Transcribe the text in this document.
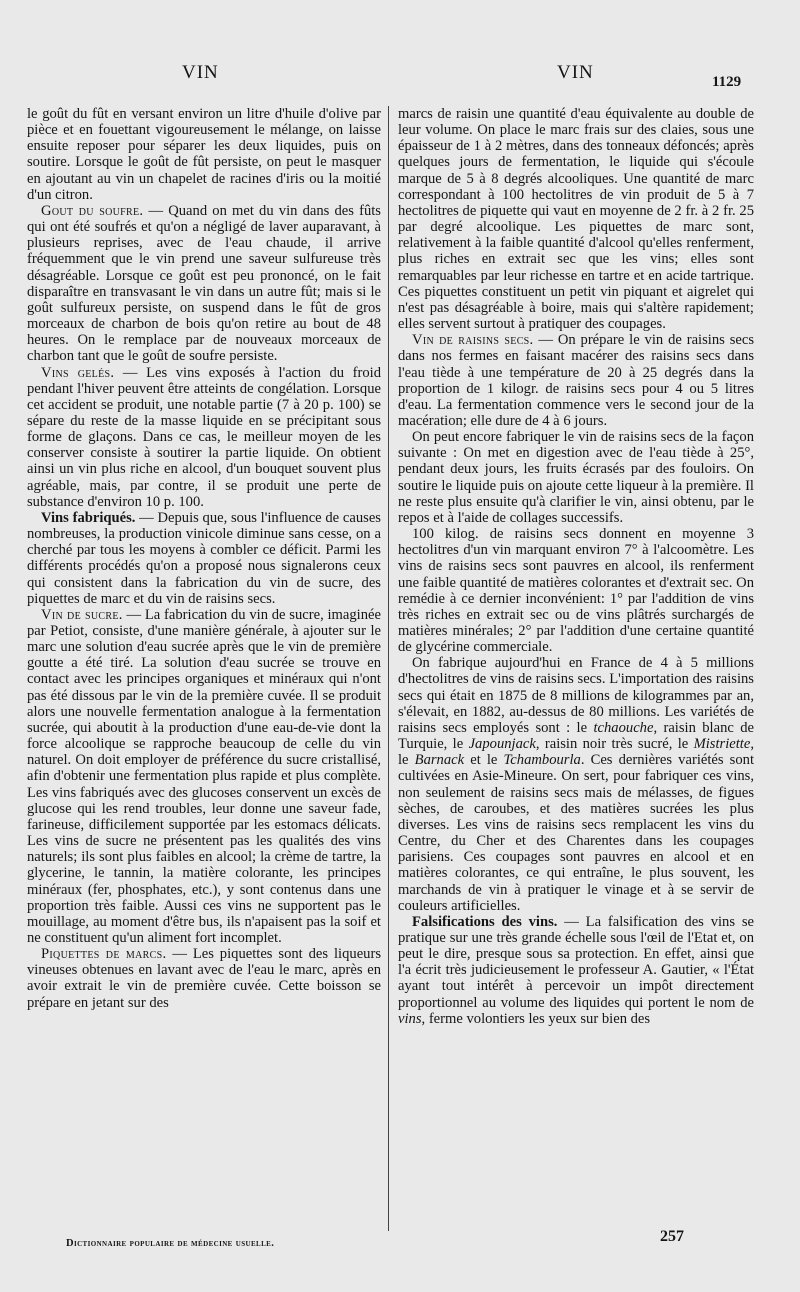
VIN	VIN	1129

le goût du fût en versant environ un litre d'huile d'olive par pièce et en fouettant vigoureusement le mélange, on laisse ensuite reposer pour séparer les deux liquides, puis on soutire. Lorsque le goût de fût persiste, on peut le masquer en ajoutant au vin un chapelet de racines d'iris ou la moitié d'un citron.

Gout du soufre. — Quand on met du vin dans des fûts qui ont été soufrés et qu'on a négligé de laver auparavant, à plusieurs reprises, avec de l'eau chaude, il arrive fréquemment que le vin prend une saveur sulfureuse très désagréable. Lorsque ce goût est peu prononcé, on le fait disparaître en transvasant le vin dans un autre fût; mais si le goût sulfureux persiste, on suspend dans le fût de gros morceaux de charbon de bois qu'on retire au bout de 48 heures. On le remplace par de nouveaux morceaux de charbon tant que le goût de soufre persiste.

Vins gelés. — Les vins exposés à l'action du froid pendant l'hiver peuvent être atteints de congélation. Lorsque cet accident se produit, une notable partie (7 à 20 p. 100) se sépare du reste de la masse liquide en se précipitant sous forme de glaçons. Dans ce cas, le meilleur moyen de les conserver consiste à soutirer la partie liquide. On obtient ainsi un vin plus riche en alcool, d'un bouquet souvent plus agréable, mais, par contre, il se produit une perte de substance d'environ 10 p. 100.

Vins fabriqués. — Depuis que, sous l'influence de causes nombreuses, la production vinicole diminue sans cesse, on a cherché par tous les moyens à combler ce déficit. Parmi les différents procédés qu'on a proposé nous signalerons ceux qui consistent dans la fabrication du vin de sucre, des piquettes de marc et du vin de raisins secs.

Vin de sucre. — La fabrication du vin de sucre, imaginée par Petiot, consiste, d'une manière générale, à ajouter sur le marc une solution d'eau sucrée après que le vin de première goutte a été tiré. La solution d'eau sucrée se trouve en contact avec les principes organiques et minéraux qui n'ont pas été dissous par le vin de la première cuvée. Il se produit alors une nouvelle fermentation analogue à la fermentation sucrée, qui aboutit à la production d'une eau-de-vie dont la force alcoolique se rapproche beaucoup de celle du vin naturel. On doit employer de préférence du sucre cristallisé, afin d'obtenir une fermentation plus rapide et plus complète. Les vins fabriqués avec des glucoses conservent un excès de glucose qui les rend troubles, leur donne une saveur fade, farineuse, difficilement supportée par les estomacs délicats. Les vins de sucre ne présentent pas les qualités des vins naturels; ils sont plus faibles en alcool; la crème de tartre, la glycerine, le tannin, la matière colorante, les principes minéraux (fer, phosphates, etc.), y sont contenus dans une proportion très faible. Aussi ces vins ne supportent pas le mouillage, au moment d'être bus, ils n'apaisent pas la soif et ne constituent qu'un aliment fort incomplet.

Piquettes de marcs. — Les piquettes sont des liqueurs vineuses obtenues en lavant avec de l'eau le marc, après en avoir extrait le vin de première cuvée. Cette boisson se prépare en jetant sur des

marcs de raisin une quantité d'eau équivalente au double de leur volume. On place le marc frais sur des claies, sous une épaisseur de 1 à 2 mètres, dans des tonneaux défoncés; après quelques jours de fermentation, le liquide qui s'écoule marque de 5 à 8 degrés alcooliques. Une quantité de marc correspondant à 100 hectolitres de vin produit de 5 à 7 hectolitres de piquette qui vaut en moyenne de 2 fr. à 2 fr. 25 par degré alcoolique. Les piquettes de marc sont, relativement à la faible quantité d'alcool qu'elles renferment, plus riches en extrait sec que les vins; elles sont remarquables par leur richesse en tartre et en acide tartrique. Ces piquettes constituent un petit vin piquant et aigrelet qui n'est pas désagréable à boire, mais qui s'altère rapidement; elles servent surtout à pratiquer des coupages.

Vin de raisins secs. — On prépare le vin de raisins secs dans nos fermes en faisant macérer des raisins secs dans l'eau tiède à une température de 20 à 25 degrés dans la proportion de 1 kilogr. de raisins secs pour 4 ou 5 litres d'eau. La fermentation commence vers le second jour de la macération; elle dure de 4 à 6 jours.

On peut encore fabriquer le vin de raisins secs de la façon suivante : On met en digestion avec de l'eau tiède à 25°, pendant deux jours, les fruits écrasés par des fouloirs. On soutire le liquide puis on ajoute cette liqueur à la première. Il ne reste plus ensuite qu'à clarifier le vin, ainsi obtenu, par le repos et à l'aide de collages successifs.

100 kilog. de raisins secs donnent en moyenne 3 hectolitres d'un vin marquant environ 7° à l'alcoomètre. Les vins de raisins secs sont pauvres en alcool, ils renferment une faible quantité de matières colorantes et d'extrait sec. On remédie à ce dernier inconvénient: 1° par l'addition de vins très riches en extrait sec ou de vins plâtrés surchargés de matières minérales; 2° par l'addition d'une certaine quantité de glycérine commerciale.

On fabrique aujourd'hui en France de 4 à 5 millions d'hectolitres de vins de raisins secs. L'importation des raisins secs qui était en 1875 de 8 millions de kilogrammes par an, s'élevait, en 1882, au-dessus de 80 millions. Les variétés de raisins secs employés sont : le tchaouche, raisin blanc de Turquie, le Japounjack, raisin noir très sucré, le Mistriette, le Barnack et le Tchambourla. Ces dernières variétés sont cultivées en Asie-Mineure. On sert, pour fabriquer ces vins, non seulement de raisins secs mais de mélasses, de figues sèches, de caroubes, et des matières sucrées les plus diverses. Les vins de raisins secs remplacent les vins du Centre, du Cher et des Charentes dans les coupages parisiens. Ces coupages sont pauvres en alcool et en matières colorantes, ce qui entraîne, le plus souvent, les marchands de vin à pratiquer le vinage et à se servir de couleurs artificielles.

Falsifications des vins. — La falsification des vins se pratique sur une très grande échelle sous l'œil de l'Etat et, on peut le dire, presque sous sa protection. En effet, ainsi que l'a écrit très judicieusement le professeur A. Gautier, « l'État ayant tout intérêt à percevoir un impôt directement proportionnel au volume des liquides qui portent le nom de vins, ferme volontiers les yeux sur bien des

Dictionnaire populaire de médecine usuelle.	257
